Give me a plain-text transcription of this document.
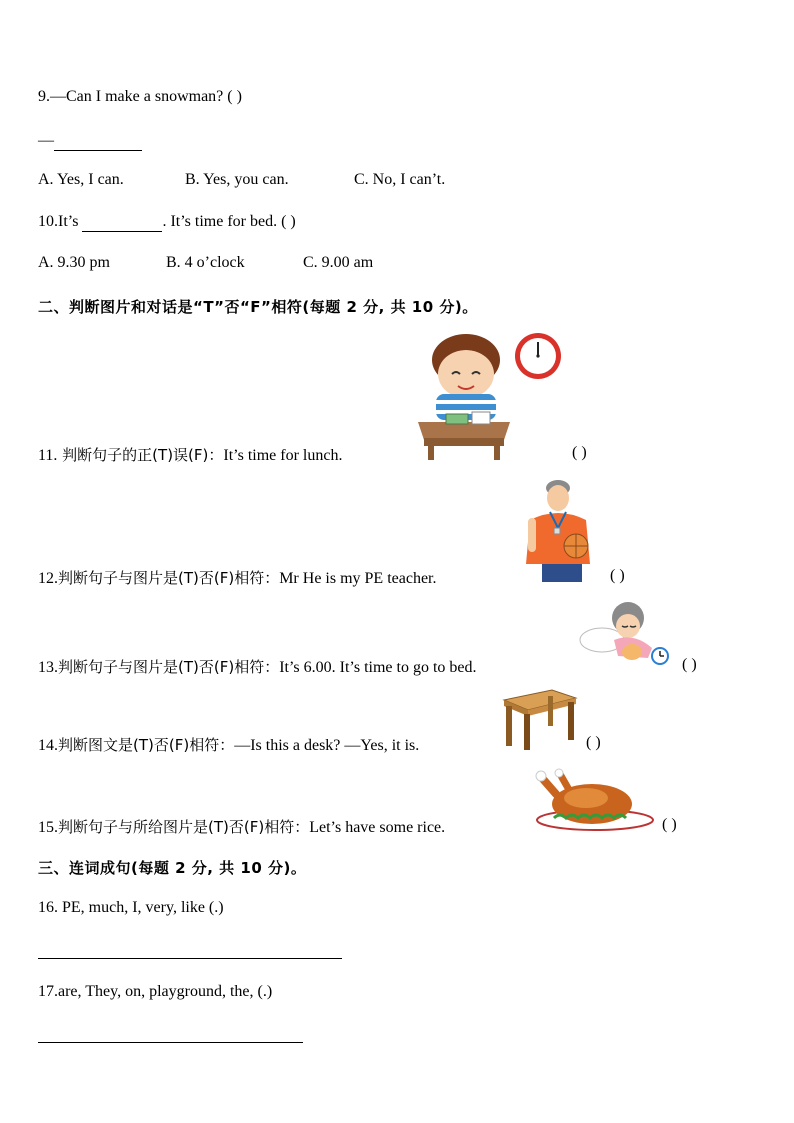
9.—Can I make a snowman? ( )
—
A. Yes, I can.	B. Yes, you can.	C. No, I can’t.
10.It’s	. It’s time for bed. ( )
A. 9.30 pm	B. 4 o’clock	C. 9.00 am
二、判断图片和对话是“T”否“F”相符(每题 2 分, 共 10 分)。
11. 判断句子的正(T)误(F)：It’s time for lunch.	( )
12.判断句子与图片是(T)否(F)相符：Mr He is my PE teacher.	( )
13.判断句子与图片是(T)否(F)相符：It’s 6.00. It’s time to go to bed.	( )
14.判断图文是(T)否(F)相符：—Is this a desk? —Yes, it is.	( )
15.判断句子与所给图片是(T)否(F)相符：Let’s have some rice.	( )
三、连词成句(每题 2 分, 共 10 分)。
16. PE, much, I, very, like (.)
17.are, They, on, playground, the, (.)
